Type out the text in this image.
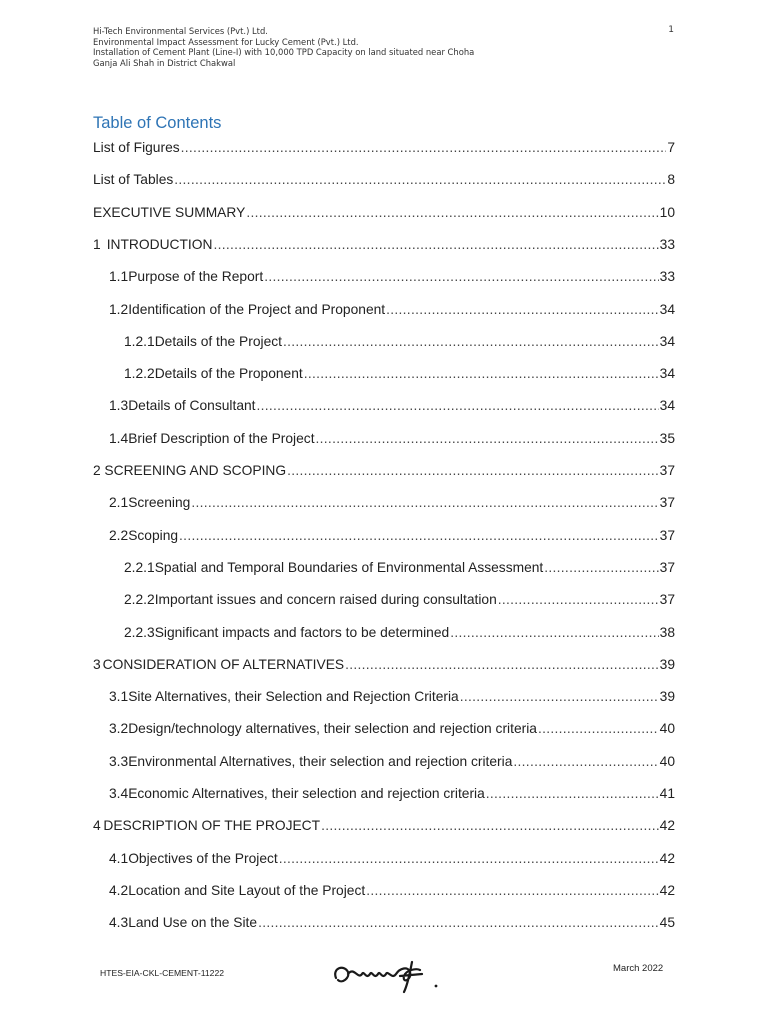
Hi-Tech Environmental Services (Pvt.) Ltd.
Environmental Impact Assessment for Lucky Cement (Pvt.) Ltd.
Installation of Cement Plant (Line-I) with 10,000 TPD Capacity on land situated near Choha
Ganja Ali Shah in District Chakwal
1
Table of Contents
List of Figures .....	7
List of Tables .....	8
EXECUTIVE SUMMARY .....	10
1 INTRODUCTION .....	33
1.1 Purpose of the Report .....	33
1.2 Identification of the Project and Proponent .....	34
1.2.1 Details of the Project .....	34
1.2.2 Details of the Proponent .....	34
1.3 Details of Consultant .....	34
1.4 Brief Description of the Project .....	35
2 SCREENING AND SCOPING .....	37
2.1 Screening .....	37
2.2 Scoping .....	37
2.2.1 Spatial and Temporal Boundaries of Environmental Assessment .....	37
2.2.2 Important issues and concern raised during consultation .....	37
2.2.3 Significant impacts and factors to be determined .....	38
3 CONSIDERATION OF ALTERNATIVES .....	39
3.1 Site Alternatives, their Selection and Rejection Criteria .....	39
3.2 Design/technology alternatives, their selection and rejection criteria .....	40
3.3 Environmental Alternatives, their selection and rejection criteria .....	40
3.4 Economic Alternatives, their selection and rejection criteria .....	41
4 DESCRIPTION OF THE PROJECT .....	42
4.1 Objectives of the Project .....	42
4.2 Location and Site Layout of the Project .....	42
4.3 Land Use on the Site .....	45
HTES-EIA-CKL-CEMENT-11222	March 2022
